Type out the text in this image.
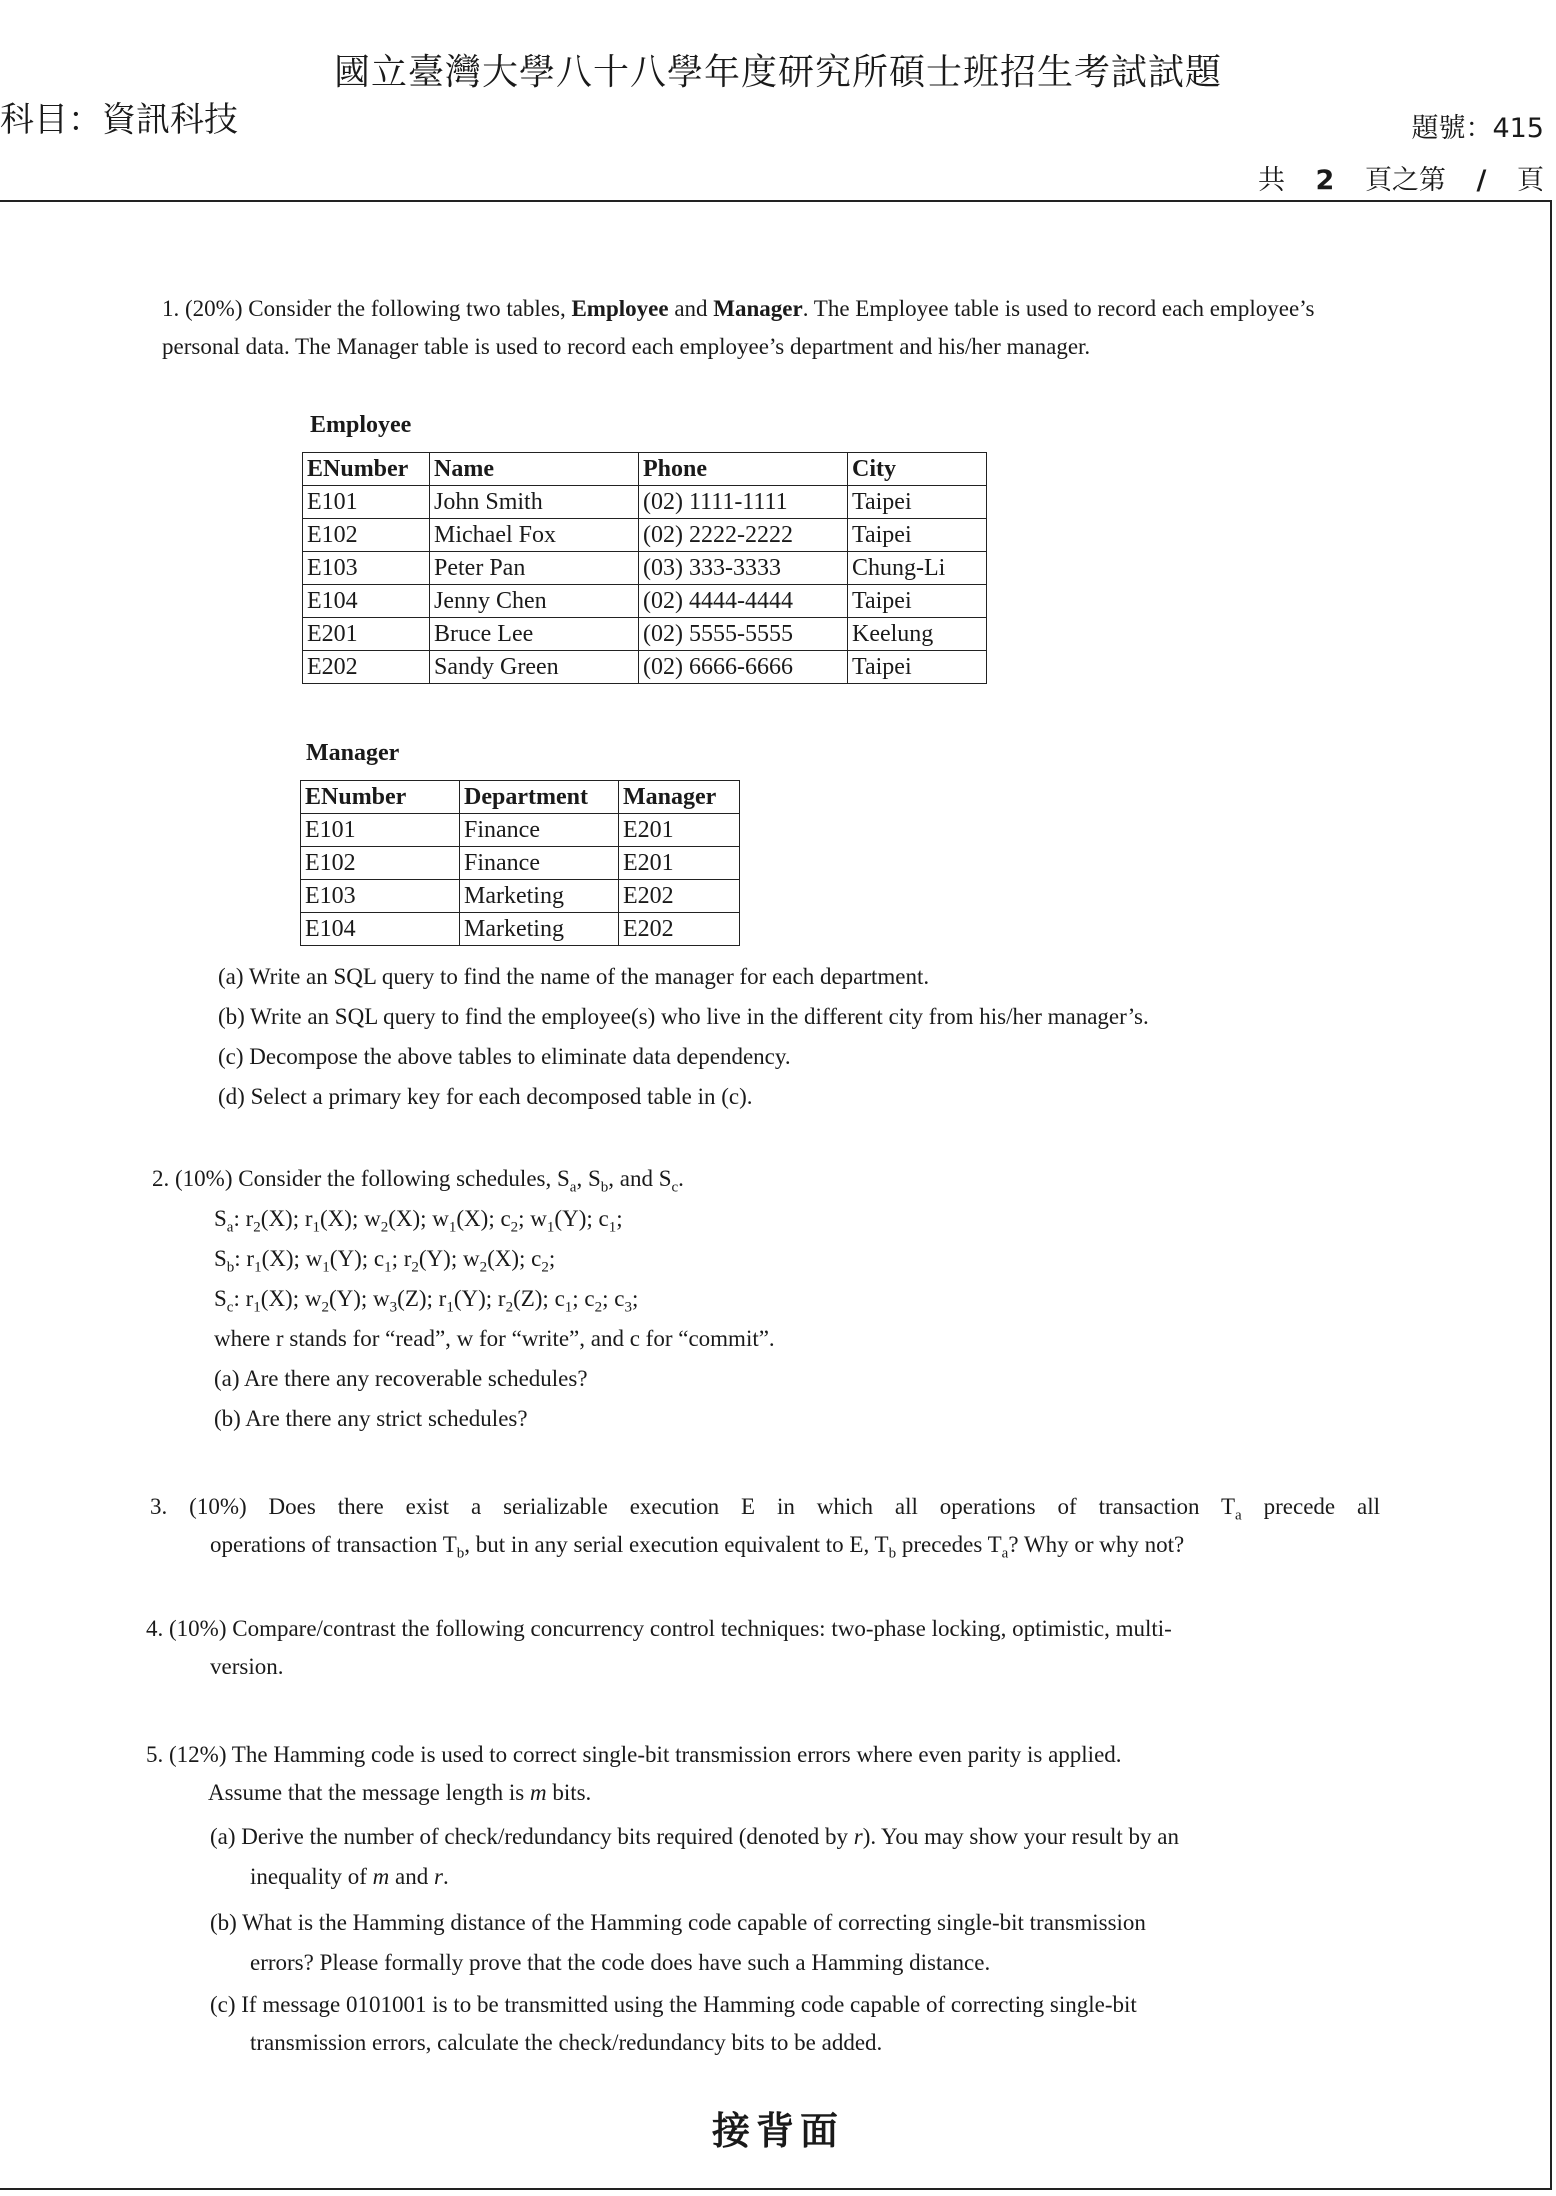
國立臺灣大學八十八學年度研究所碩士班招生考試試題
科目：資訊科技	題號：415
共 2 頁之第 / 頁
1. (20%) Consider the following two tables, Employee and Manager. The Employee table is used to record each employee’s personal data. The Manager table is used to record each employee’s department and his/her manager.
Employee
ENumber	Name	Phone	City
E101	John Smith	(02) 1111-1111	Taipei
E102	Michael Fox	(02) 2222-2222	Taipei
E103	Peter Pan	(03) 333-3333	Chung-Li
E104	Jenny Chen	(02) 4444-4444	Taipei
E201	Bruce Lee	(02) 5555-5555	Keelung
E202	Sandy Green	(02) 6666-6666	Taipei
Manager
ENumber	Department	Manager
E101	Finance	E201
E102	Finance	E201
E103	Marketing	E202
E104	Marketing	E202
(a) Write an SQL query to find the name of the manager for each department.
(b) Write an SQL query to find the employee(s) who live in the different city from his/her manager’s.
(c) Decompose the above tables to eliminate data dependency.
(d) Select a primary key for each decomposed table in (c).
2. (10%) Consider the following schedules, $S_a$, $S_b$, and $S_c$.
$S_a$: $r_2(X)$; $r_1(X)$; $w_2(X)$; $w_1(X)$; $c_2$; $w_1(Y)$; $c_1$;
$S_b$: $r_1(X)$; $w_1(Y)$; $c_1$; $r_2(Y)$; $w_2(X)$; $c_2$;
$S_c$: $r_1(X)$; $w_2(Y)$; $w_3(Z)$; $r_1(Y)$; $r_2(Z)$; $c_1$; $c_2$; $c_3$;
where r stands for “read”, w for “write”, and c for “commit”.
(a) Are there any recoverable schedules?
(b) Are there any strict schedules?
3. (10%) Does there exist a serializable execution E in which all operations of transaction $T_a$ precede all
operations of transaction $T_b$, but in any serial execution equivalent to E, $T_b$ precedes $T_a$? Why or why not?
4. (10%) Compare/contrast the following concurrency control techniques: two-phase locking, optimistic, multi-
version.
5. (12%) The Hamming code is used to correct single-bit transmission errors where even parity is applied.
Assume that the message length is m bits.
(a) Derive the number of check/redundancy bits required (denoted by r). You may show your result by an
inequality of m and r.
(b) What is the Hamming distance of the Hamming code capable of correcting single-bit transmission
errors? Please formally prove that the code does have such a Hamming distance.
(c) If message 0101001 is to be transmitted using the Hamming code capable of correcting single-bit
transmission errors, calculate the check/redundancy bits to be added.
接背面
